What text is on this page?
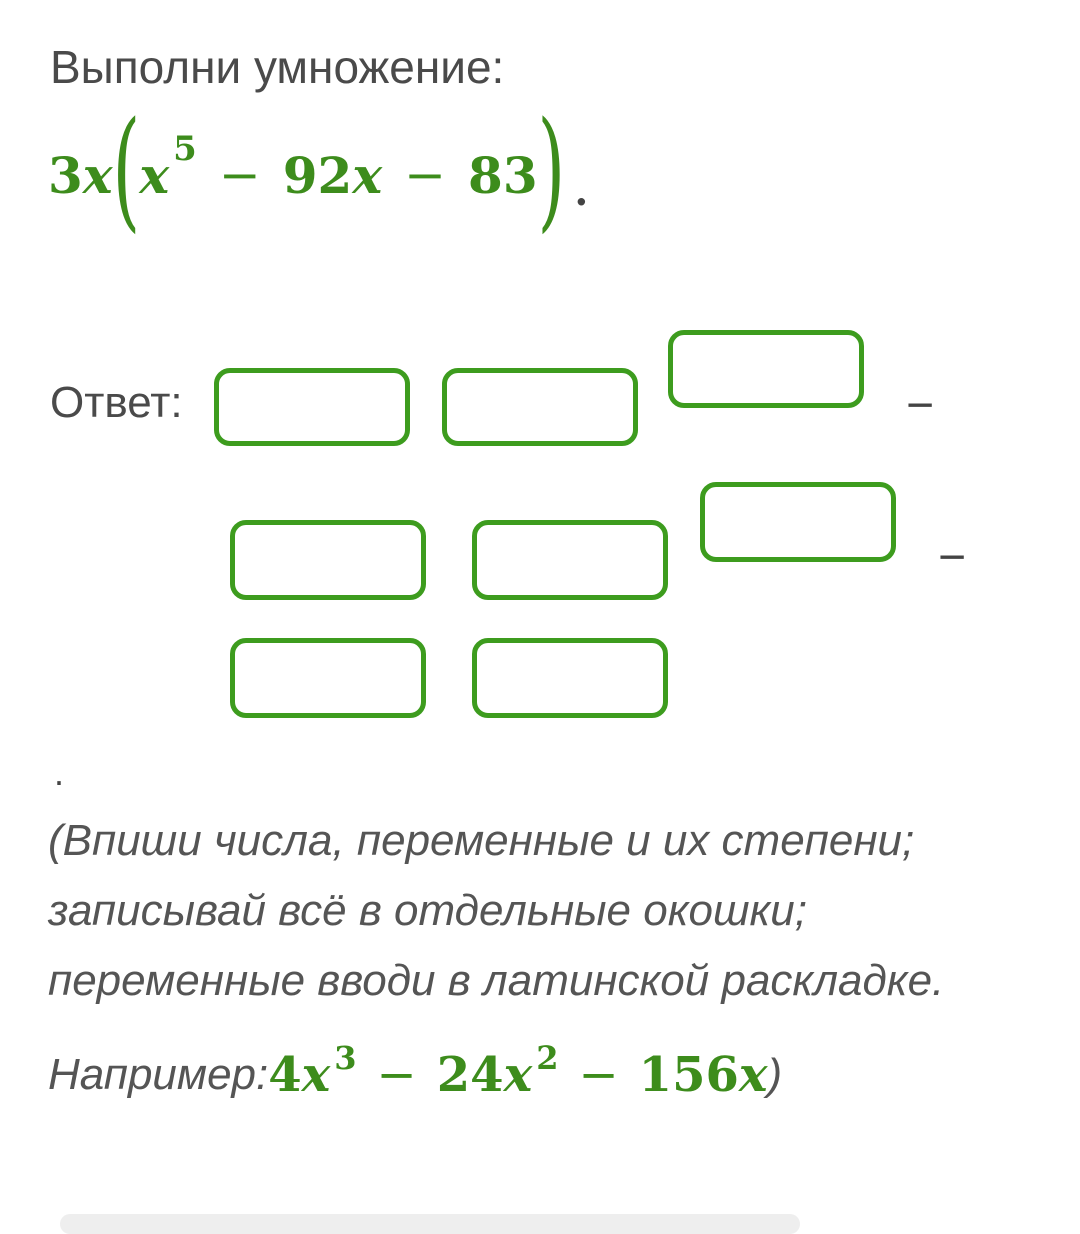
Выполни умножение:
3 x ( x 5 − 92 x − 83 ) .
Ответ:	−
−
.
(Впиши числа, переменные и их степени;
записывай всё в отдельные окошки;
переменные вводи в латинской раскладке.
Например: 4x $^3$ − 24x $^2$ − 156x )
